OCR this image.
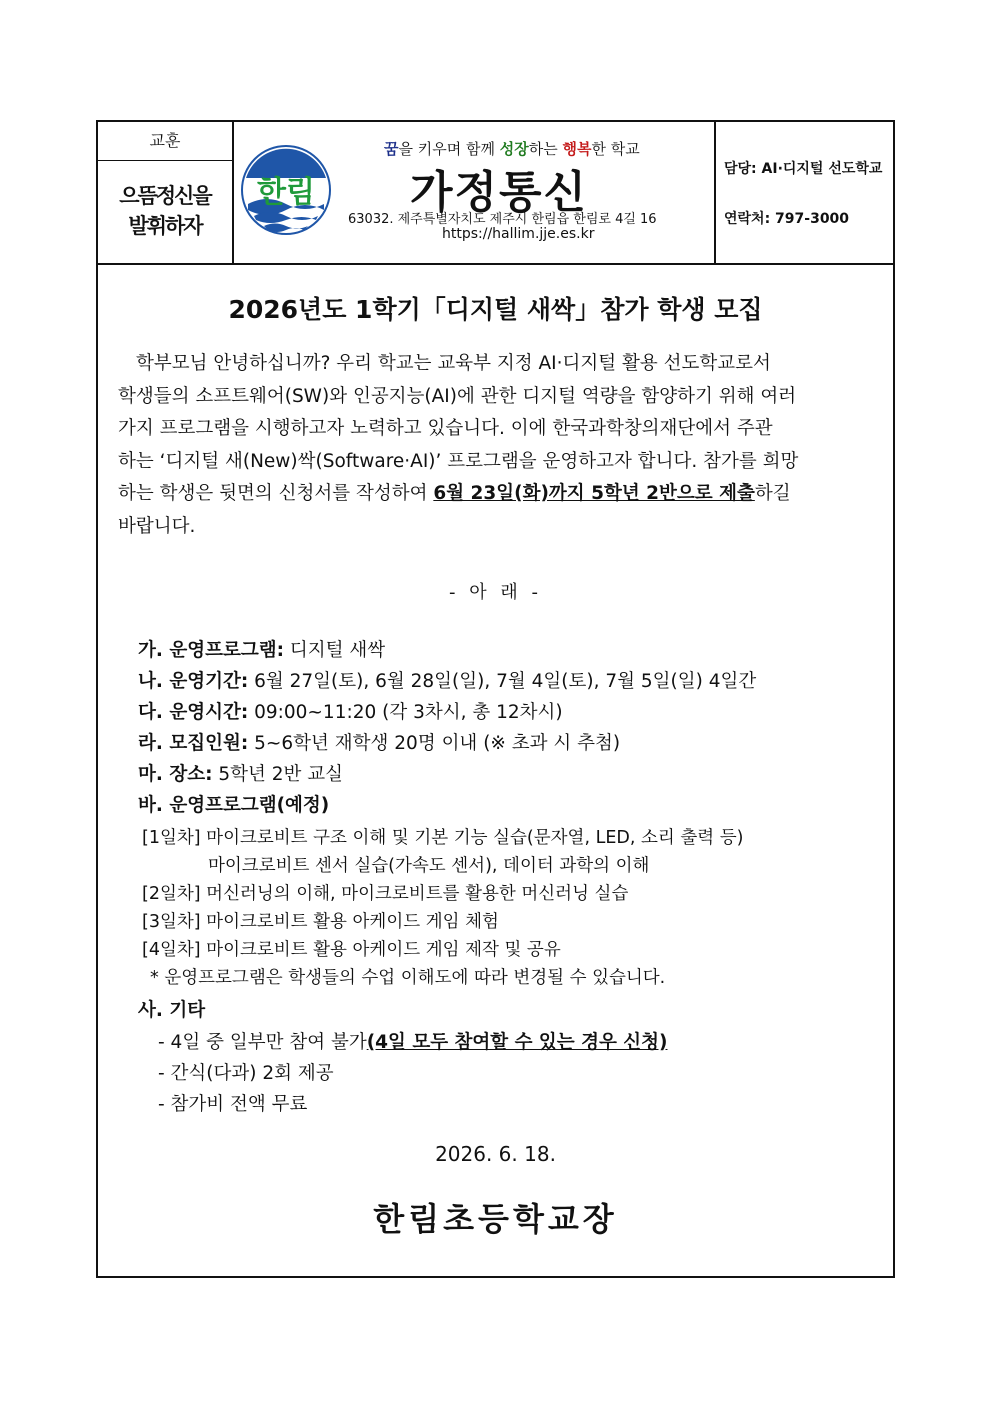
교훈
으뜸정신을
발휘하자
한림
꿈을 키우며 함께 성장하는 행복한 학교
가정통신
63032. 제주특별자치도 제주시 한림읍 한림로 4길 16
https://hallim.jje.es.kr
담당: AI·디지털 선도학교
연락처: 797-3000
2026년도 1학기「디지털 새싹」참가 학생 모집
학부모님 안녕하십니까? 우리 학교는 교육부 지정 AI·디지털 활용 선도학교로서
학생들의 소프트웨어(SW)와 인공지능(AI)에 관한 디지털 역량을 함양하기 위해 여러
가지 프로그램을 시행하고자 노력하고 있습니다. 이에 한국과학창의재단에서 주관
하는 ‘디지털 새(New)싹(Software·AI)’ 프로그램을 운영하고자 합니다. 참가를 희망
하는 학생은 뒷면의 신청서를 작성하여 6월 23일(화)까지 5학년 2반으로 제출하길
바랍니다.
- 아 래 -
가. 운영프로그램: 디지털 새싹
나. 운영기간: 6월 27일(토), 6월 28일(일), 7월 4일(토), 7월 5일(일) 4일간
다. 운영시간: 09:00~11:20 (각 3차시, 총 12차시)
라. 모집인원: 5~6학년 재학생 20명 이내 (※ 초과 시 추첨)
마. 장소: 5학년 2반 교실
바. 운영프로그램(예정)
[1일차] 마이크로비트 구조 이해 및 기본 기능 실습(문자열, LED, 소리 출력 등)
마이크로비트 센서 실습(가속도 센서), 데이터 과학의 이해
[2일차] 머신러닝의 이해, 마이크로비트를 활용한 머신러닝 실습
[3일차] 마이크로비트 활용 아케이드 게임 체험
[4일차] 마이크로비트 활용 아케이드 게임 제작 및 공유
* 운영프로그램은 학생들의 수업 이해도에 따라 변경될 수 있습니다.
사. 기타
- 4일 중 일부만 참여 불가(4일 모두 참여할 수 있는 경우 신청)
- 간식(다과) 2회 제공
- 참가비 전액 무료
2026. 6. 18.
한림초등학교장
